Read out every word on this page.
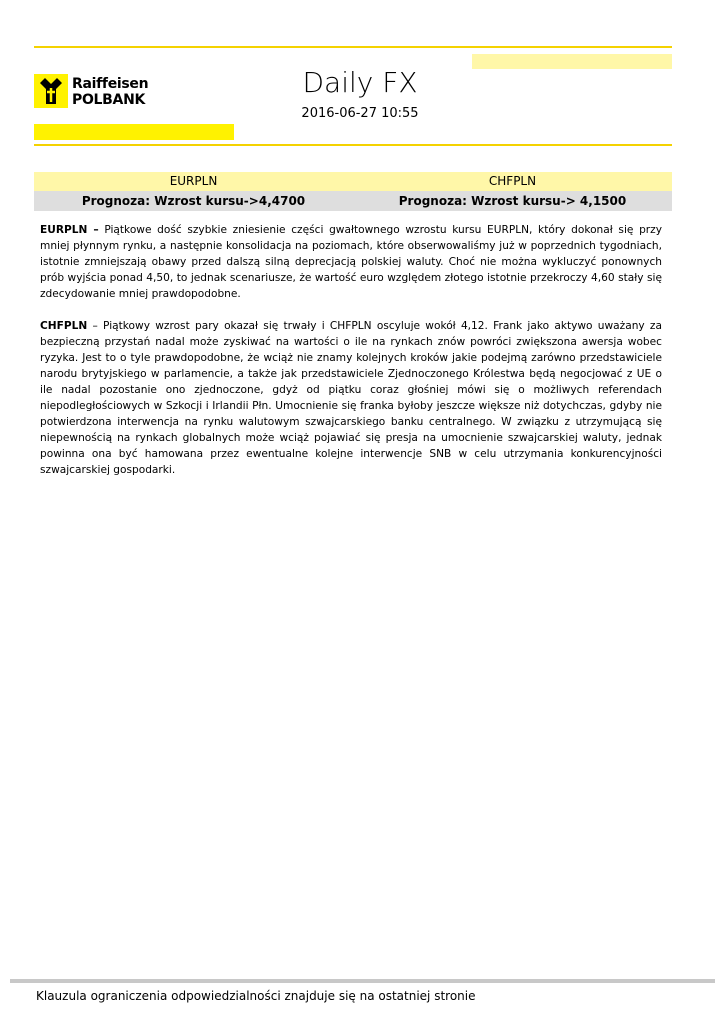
Raiffeisen
POLBANK
Daily FX
2016-06-27 10:55
EURPLN	CHFPLN
Prognoza: Wzrost kursu->4,4700	Prognoza: Wzrost kursu-> 4,1500

EURPLN – Piątkowe dość szybkie zniesienie części gwałtownego wzrostu kursu EURPLN, który dokonał się przy mniej płynnym rynku, a następnie konsolidacja na poziomach, które obserwowaliśmy już w poprzednich tygodniach, istotnie zmniejszają obawy przed dalszą silną deprecjacją polskiej waluty. Choć nie można wykluczyć ponownych prób wyjścia ponad 4,50, to jednak scenariusze, że wartość euro względem złotego istotnie przekroczy 4,60 stały się zdecydowanie mniej prawdopodobne.

CHFPLN – Piątkowy wzrost pary okazał się trwały i CHFPLN oscyluje wokół 4,12. Frank jako aktywo uważany za bezpieczną przystań nadal może zyskiwać na wartości o ile na rynkach znów powróci zwiększona awersja wobec ryzyka. Jest to o tyle prawdopodobne, że wciąż nie znamy kolejnych kroków jakie podejmą zarówno przedstawiciele narodu brytyjskiego w parlamencie, a także jak przedstawiciele Zjednoczonego Królestwa będą negocjować z UE o ile nadal pozostanie ono zjednoczone, gdyż od piątku coraz głośniej mówi się o możliwych referendach niepodległościowych w Szkocji i Irlandii Płn. Umocnienie się franka byłoby jeszcze większe niż dotychczas, gdyby nie potwierdzona interwencja na rynku walutowym szwajcarskiego banku centralnego. W związku z utrzymującą się niepewnością na rynkach globalnych może wciąż pojawiać się presja na umocnienie szwajcarskiej waluty, jednak powinna ona być hamowana przez ewentualne kolejne interwencje SNB w celu utrzymania konkurencyjności szwajcarskiej gospodarki.

Klauzula ograniczenia odpowiedzialności znajduje się na ostatniej stronie
